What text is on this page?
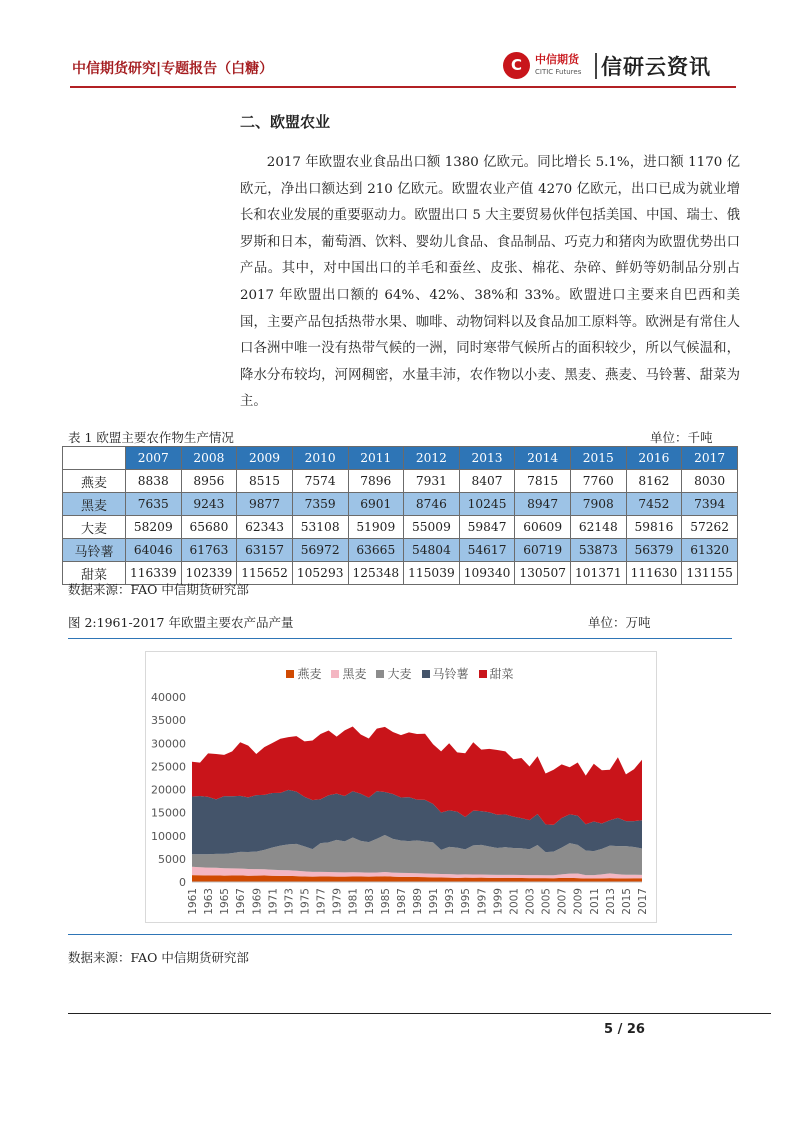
中信期货研究|专题报告（白糖）	C	中信期货
CITIC Futures 信研云资讯
二、欧盟农业
2017 年欧盟农业食品出口额 1380 亿欧元。同比增长 5.1%，进口额 1170 亿欧元，净出口额达到 210 亿欧元。欧盟农业产值 4270 亿欧元，出口已成为就业增长和农业发展的重要驱动力。欧盟出口 5 大主要贸易伙伴包括美国、中国、瑞士、俄罗斯和日本，葡萄酒、饮料、婴幼儿食品、食品制品、巧克力和猪肉为欧盟优势出口产品。其中，对中国出口的羊毛和蚕丝、皮张、棉花、杂碎、鲜奶等奶制品分别占 2017 年欧盟出口额的 64%、42%、38%和 33%。欧盟进口主要来自巴西和美国，主要产品包括热带水果、咖啡、动物饲料以及食品加工原料等。欧洲是有常住人口各洲中唯一没有热带气候的一洲，同时寒带气候所占的面积较少，所以气候温和，降水分布较均，河网稠密，水量丰沛，农作物以小麦、黑麦、燕麦、马铃薯、甜菜为主。
表 1 欧盟主要农作物生产情况	单位：千吨
	2007	2008	2009	2010	2011	2012	2013	2014	2015	2016	2017
燕麦	8838	8956	8515	7574	7896	7931	8407	7815	7760	8162	8030
黑麦	7635	9243	9877	7359	6901	8746	10245	8947	7908	7452	7394
大麦	58209	65680	62343	53108	51909	55009	59847	60609	62148	59816	57262
马铃薯	64046	61763	63157	56972	63665	54804	54617	60719	53873	56379	61320
甜菜	116339	102339	115652	105293	125348	115039	109340	130507	101371	111630	131155
数据来源：FAO 中信期货研究部
图 2:1961-2017 年欧盟主要农产品产量	单位：万吨
0
5000
10000
15000
20000
25000
30000
35000
40000
1961 1963 1965 1967 1969 1971 1973 1975 1977 1979 1981 1983 1985 1987 1989 1991 1993 1995 1997 1999 2001 2003 2005 2007 2009 2011 2013 2015 2017
燕麦 黑麦 大麦 马铃薯 甜菜
数据来源：FAO 中信期货研究部
5 / 26
